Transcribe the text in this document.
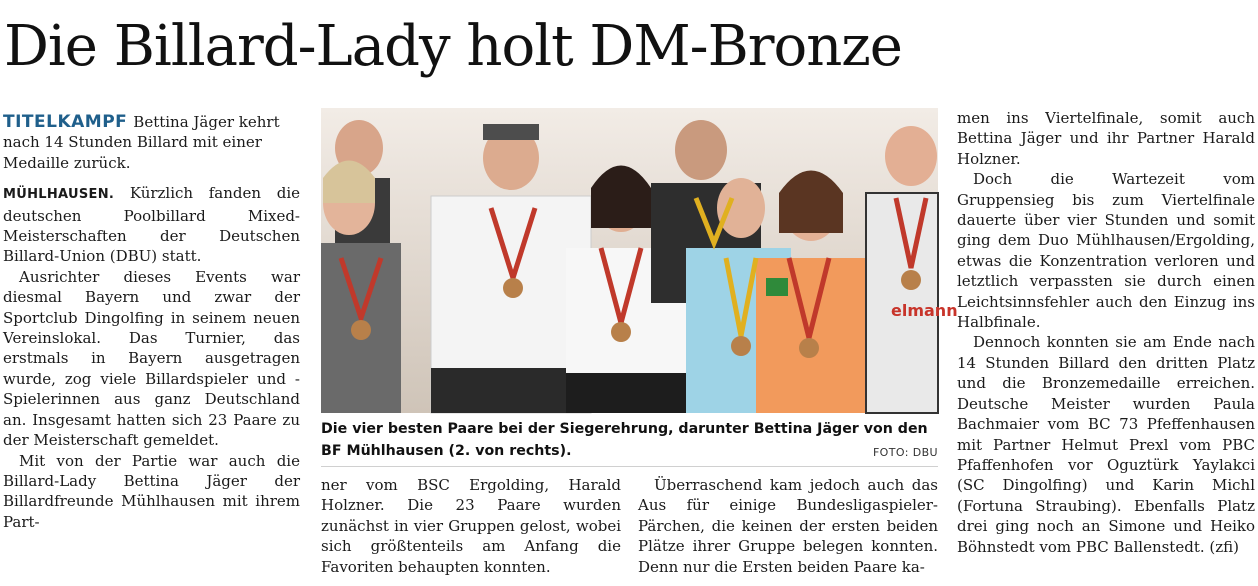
Die Billard-Lady holt DM-Bronze

TITELKAMPF Bettina Jäger kehrt nach 14 Stunden Billard mit einer Medaille zurück.

MÜHLHAUSEN. Kürzlich fanden die deutschen Poolbillard Mixed-Meisterschaften der Deutschen Billard-Union (DBU) statt.

Ausrichter dieses Events war diesmal Bayern und zwar der Sportclub Dingolfing in seinem neuen Vereinslokal. Das Turnier, das erstmals in Bayern ausgetragen wurde, zog viele Billardspieler und -Spielerinnen aus ganz Deutschland an. Insgesamt hatten sich 23 Paare zu der Meisterschaft gemeldet.

Mit von der Partie war auch die Billard-Lady Bettina Jäger der Billardfreunde Mühlhausen mit ihrem Part-

elmann

Die vier besten Paare bei der Siegerehrung, darunter Bettina Jäger von den BF Mühlhausen (2. von rechts).	FOTO: DBU

ner vom BSC Ergolding, Harald Holzner. Die 23 Paare wurden zunächst in vier Gruppen gelost, wobei sich größtenteils am Anfang die Favoriten behaupten konnten.

Überraschend kam jedoch auch das Aus für einige Bundesligaspieler-Pärchen, die keinen der ersten beiden Plätze ihrer Gruppe belegen konnten. Denn nur die Ersten beiden Paare ka-

men ins Viertelfinale, somit auch Bettina Jäger und ihr Partner Harald Holzner.

Doch die Wartezeit vom Gruppensieg bis zum Viertelfinale dauerte über vier Stunden und somit ging dem Duo Mühlhausen/Ergolding, etwas die Konzentration verloren und letztlich verpassten sie durch einen Leichtsinnsfehler auch den Einzug ins Halbfinale.

Dennoch konnten sie am Ende nach 14 Stunden Billard den dritten Platz und die Bronzemedaille erreichen. Deutsche Meister wurden Paula Bachmaier vom BC 73 Pfeffenhausen mit Partner Helmut Prexl vom PBC Pfaffenhofen vor Oguztürk Yaylakci (SC Dingolfing) und Karin Michl (Fortuna Straubing). Ebenfalls Platz drei ging noch an Simone und Heiko Böhnstedt vom PBC Ballenstedt. (zfi)
